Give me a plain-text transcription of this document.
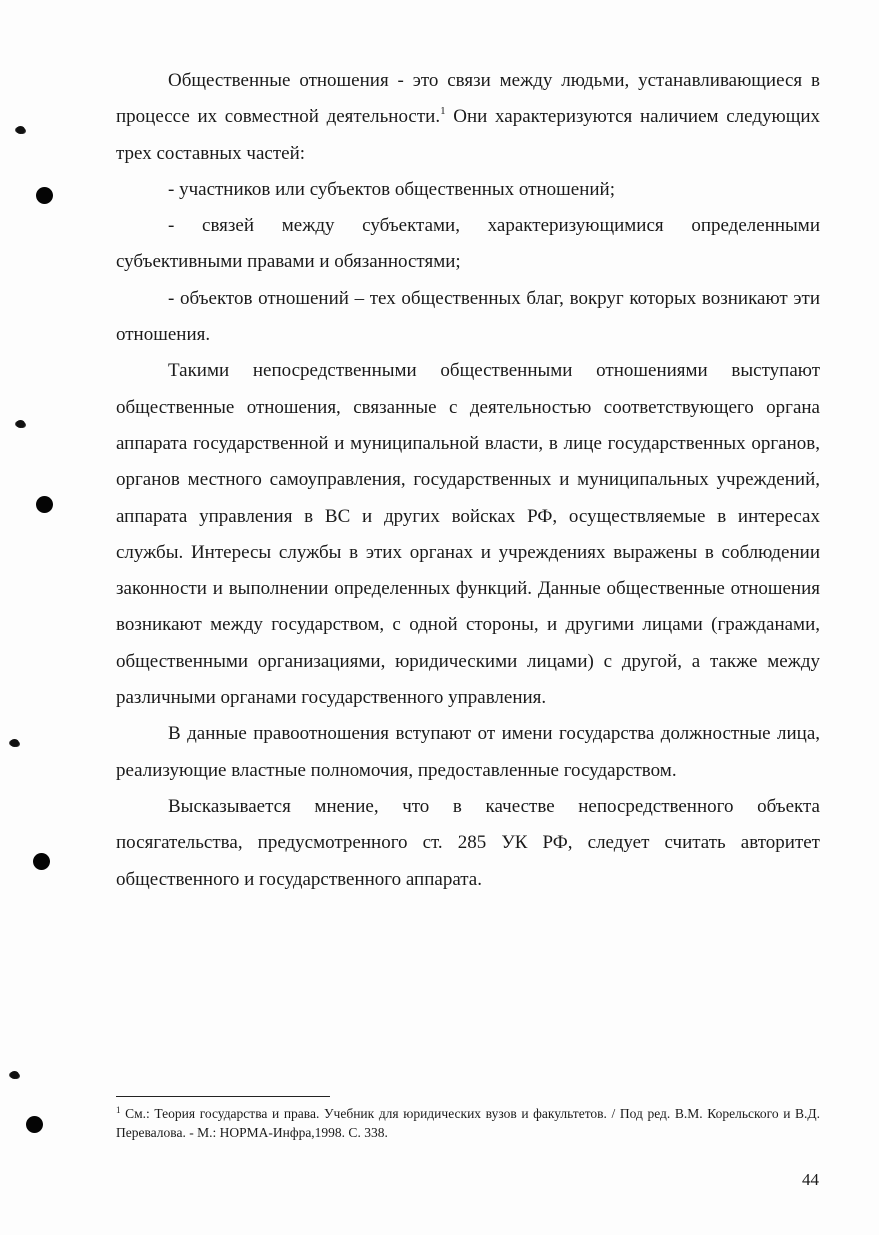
Общественные отношения - это связи между людьми, устанавливающиеся в процессе их совместной деятельности.$^1$ Они характеризуются наличием следующих трех составных частей:

- участников или субъектов общественных отношений;

- связей между субъектами, характеризующимися определенными субъективными правами и обязанностями;

- объектов отношений – тех общественных благ, вокруг которых возникают эти отношения.

Такими непосредственными общественными отношениями выступают общественные отношения, связанные с деятельностью соответствующего органа аппарата государственной и муниципальной власти, в лице государственных органов, органов местного самоуправления, государственных и муниципальных учреждений, аппарата управления в ВС и других войсках РФ, осуществляемые в интересах службы. Интересы службы в этих органах и учреждениях выражены в соблюдении законности и выполнении определенных функций. Данные общественные отношения возникают между государством, с одной стороны, и другими лицами (гражданами, общественными организациями, юридическими лицами) с другой, а также между различными органами государственного управления.

В данные правоотношения вступают от имени государства должностные лица, реализующие властные полномочия, предоставленные государством.

Высказывается мнение, что в качестве непосредственного объекта посягательства, предусмотренного ст. 285 УК РФ, следует считать авторитет общественного и государственного аппарата.

$^1$ См.: Теория государства и права. Учебник для юридических вузов и факультетов. / Под ред. В.М. Корельского и В.Д. Перевалова. - М.: НОРМА-Инфра,1998. С. 338.
44
